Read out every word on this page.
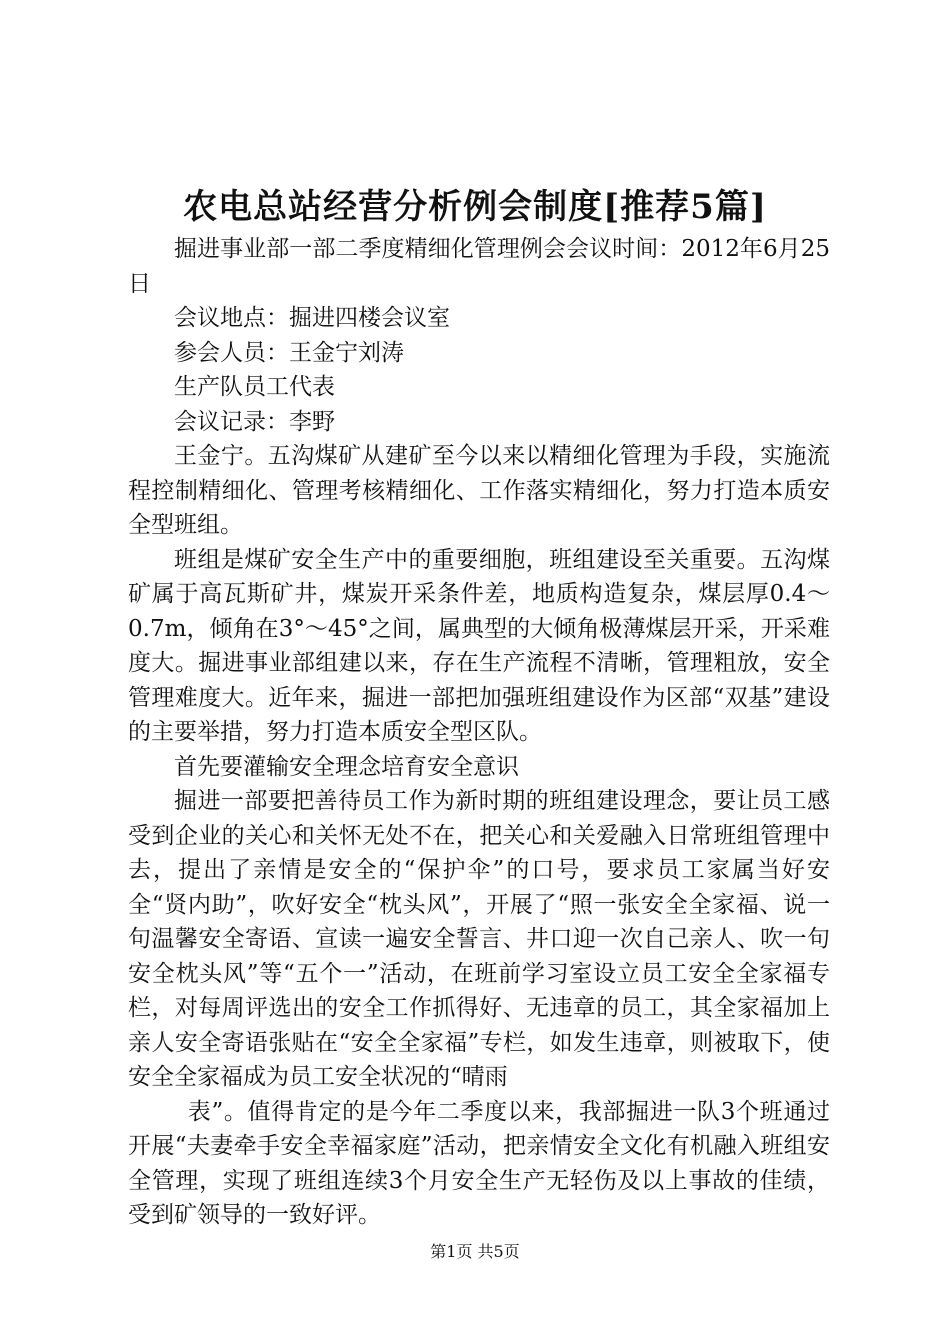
农电总站经营分析例会制度[推荐5篇]

掘进事业部一部二季度精细化管理例会会议时间：2012年6月25日

会议地点：掘进四楼会议室

参会人员：王金宁刘涛

生产队员工代表

会议记录：李野

王金宁。五沟煤矿从建矿至今以来以精细化管理为手段，实施流程控制精细化、管理考核精细化、工作落实精细化，努力打造本质安全型班组。

班组是煤矿安全生产中的重要细胞，班组建设至关重要。五沟煤矿属于高瓦斯矿井，煤炭开采条件差，地质构造复杂，煤层厚0.4～0.7m，倾角在3°～45°之间，属典型的大倾角极薄煤层开采，开采难度大。掘进事业部组建以来，存在生产流程不清晰，管理粗放，安全管理难度大。近年来，掘进一部把加强班组建设作为区部“双基”建设的主要举措，努力打造本质安全型区队。

首先要灌输安全理念培育安全意识

掘进一部要把善待员工作为新时期的班组建设理念，要让员工感受到企业的关心和关怀无处不在，把关心和关爱融入日常班组管理中去，提出了亲情是安全的“保护伞”的口号，要求员工家属当好安全“贤内助”，吹好安全“枕头风”，开展了“照一张安全全家福、说一句温馨安全寄语、宣读一遍安全誓言、井口迎一次自己亲人、吹一句安全枕头风”等“五个一”活动，在班前学习室设立员工安全全家福专栏，对每周评选出的安全工作抓得好、无违章的员工，其全家福加上亲人安全寄语张贴在“安全全家福”专栏，如发生违章，则被取下，使安全全家福成为员工安全状况的“晴雨

表”。值得肯定的是今年二季度以来，我部掘进一队3个班通过开展“夫妻牵手安全幸福家庭”活动，把亲情安全文化有机融入班组安全管理，实现了班组连续3个月安全生产无轻伤及以上事故的佳绩，受到矿领导的一致好评。

第1页 共5页
